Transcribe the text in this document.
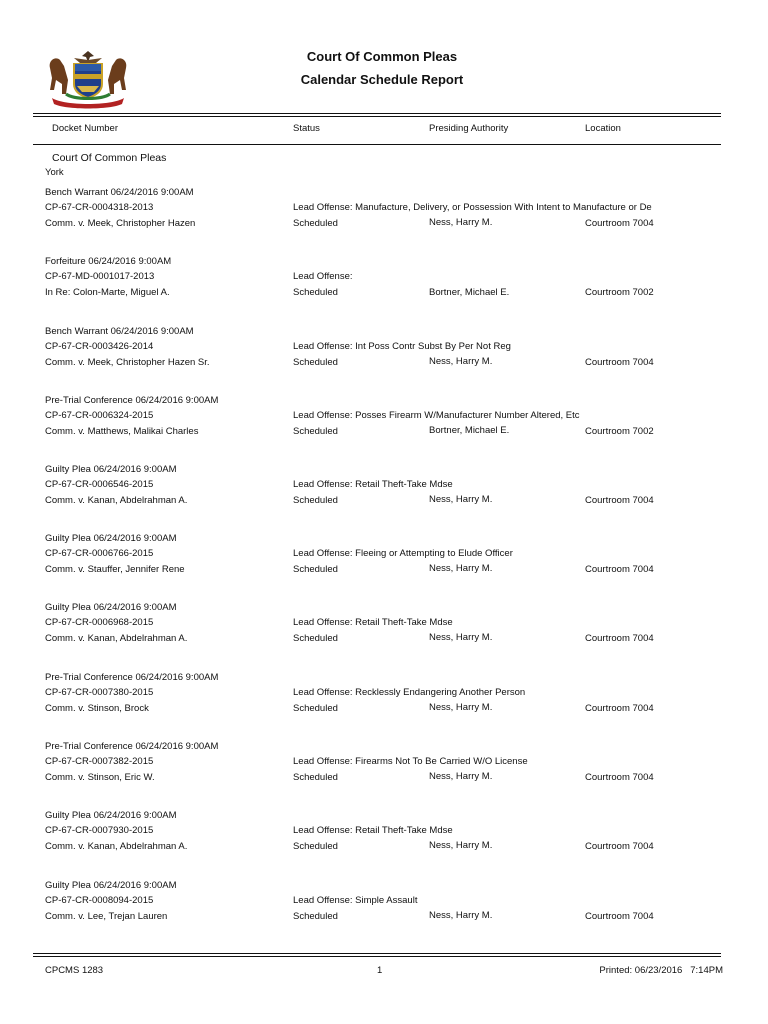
Court Of Common Pleas
Calendar Schedule Report
Docket Number	Status	Presiding Authority	Location
Court Of Common Pleas
York
Bench Warrant 06/24/2016 9:00AM
CP-67-CR-0004318-2013
Comm. v. Meek, Christopher Hazen
Lead Offense: Manufacture, Delivery, or Possession With Intent to Manufacture or De
Scheduled	Ness, Harry M.	Courtroom 7004
Forfeiture 06/24/2016 9:00AM
CP-67-MD-0001017-2013
In Re: Colon-Marte, Miguel A.
Lead Offense:
Scheduled	Bortner, Michael E.	Courtroom 7002
Bench Warrant 06/24/2016 9:00AM
CP-67-CR-0003426-2014
Comm. v. Meek, Christopher Hazen Sr.
Lead Offense: Int Poss Contr Subst By Per Not Reg
Scheduled	Ness, Harry M.	Courtroom 7004
Pre-Trial Conference 06/24/2016 9:00AM
CP-67-CR-0006324-2015
Comm. v. Matthews, Malikai Charles
Lead Offense: Posses Firearm W/Manufacturer Number Altered, Etc
Scheduled	Bortner, Michael E.	Courtroom 7002
Guilty Plea 06/24/2016 9:00AM
CP-67-CR-0006546-2015
Comm. v. Kanan, Abdelrahman A.
Lead Offense: Retail Theft-Take Mdse
Scheduled	Ness, Harry M.	Courtroom 7004
Guilty Plea 06/24/2016 9:00AM
CP-67-CR-0006766-2015
Comm. v. Stauffer, Jennifer Rene
Lead Offense: Fleeing or Attempting to Elude Officer
Scheduled	Ness, Harry M.	Courtroom 7004
Guilty Plea 06/24/2016 9:00AM
CP-67-CR-0006968-2015
Comm. v. Kanan, Abdelrahman A.
Lead Offense: Retail Theft-Take Mdse
Scheduled	Ness, Harry M.	Courtroom 7004
Pre-Trial Conference 06/24/2016 9:00AM
CP-67-CR-0007380-2015
Comm. v. Stinson, Brock
Lead Offense: Recklessly Endangering Another Person
Scheduled	Ness, Harry M.	Courtroom 7004
Pre-Trial Conference 06/24/2016 9:00AM
CP-67-CR-0007382-2015
Comm. v. Stinson, Eric W.
Lead Offense: Firearms Not To Be Carried W/O License
Scheduled	Ness, Harry M.	Courtroom 7004
Guilty Plea 06/24/2016 9:00AM
CP-67-CR-0007930-2015
Comm. v. Kanan, Abdelrahman A.
Lead Offense: Retail Theft-Take Mdse
Scheduled	Ness, Harry M.	Courtroom 7004
Guilty Plea 06/24/2016 9:00AM
CP-67-CR-0008094-2015
Comm. v. Lee, Trejan Lauren
Lead Offense: Simple Assault
Scheduled	Ness, Harry M.	Courtroom 7004
CPCMS 1283	1	Printed: 06/23/2016   7:14PM
